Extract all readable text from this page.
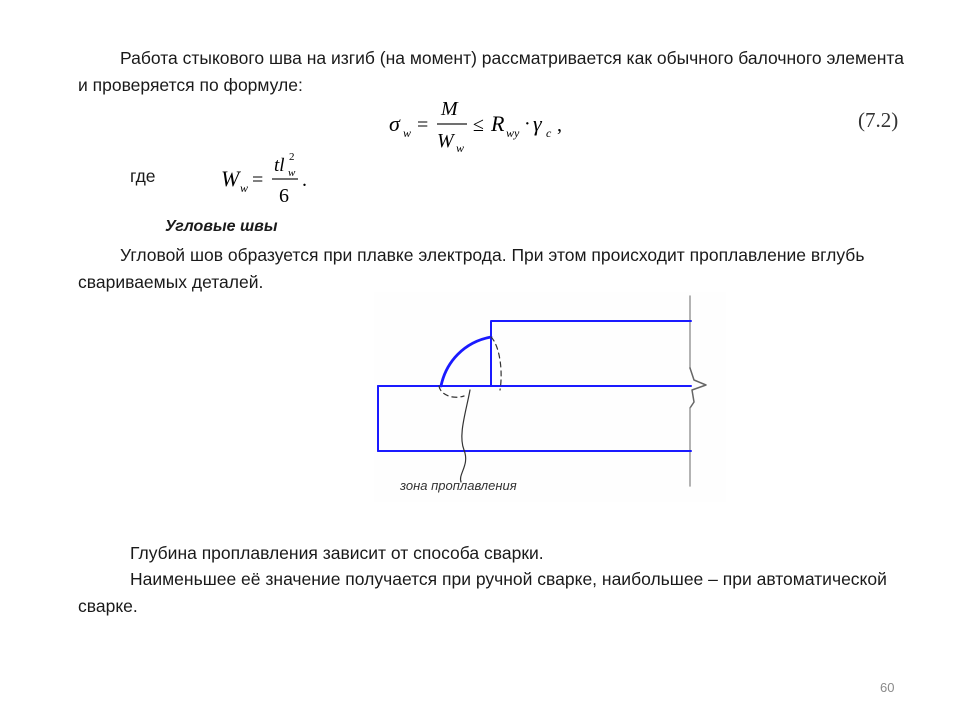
Работа стыкового шва на изгиб (на момент) рассматривается как обычного балочного элемента и проверяется по формуле:

σ w =
M
W w
≤ R wy · γ c ,	(7.2)
где	W w =
tl w
2
6
.
Угловые швы

Угловой шов образуется при плавке электрода. При этом происходит проплавление вглубь свариваемых деталей.

зона проплавления

Глубина проплавления зависит от способа сварки.

Наименьшее её значение получается при ручной сварке, наибольшее – при автоматической сварке.

60
